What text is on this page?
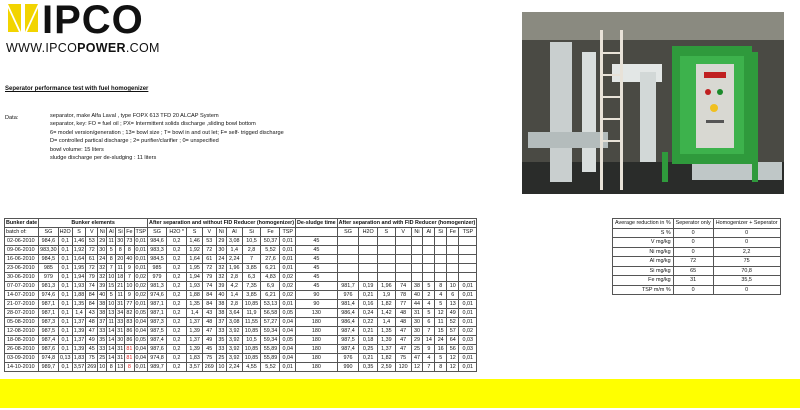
IPCO
WWW.IPCOPOWER.COM
Seperator performance test with fuel homogenizer
Data:	separator, make Alfa Laval , type FOPX 613 TFD 20 ALCAP System
separator, key: FO = fuel oil ; PX= Intermittent solids discharge ,sliding bowl bottom
6= model version/generation ; 13= bowl size ; T= bowl in and out let; F= self- trigged discharge
D= controlled partical discharge ; 2= purifier/clarifier ; 0= unspecified
bowl volume: 15 liters
sludge discharge per de-sludging : 11 liters
Bunker date	Bunker elements									After separation and without FID Reducer (homogenizer)									De-sludge time	After separation and with FID Reducer (homogenizer)								
batch of:	SG	H2O	S	V	Ni	Al	Si	Fe	TSP	SG	H2O *	S	V	Ni	Al	Si	Fe	TSP		SG	H2O	S	V	Ni	Al	Si	Fe	TSP
02-06-2010	984,6	0,1	1,46	53	29	11	30	73	0,01	984,6	0,2	1,46	53	29	3,08	10,5	50,37	0,01	45									
09-06-2010	983,30	0,1	1,92	72	30	5	8	8	0,01	983,3	0,2	1,92	72	30	1,4	2,8	5,52	0,01	45									
16-06-2010	984,5	0,1	1,64	61	24	8	20	40	0,01	984,5	0,2	1,64	61	24	2,24	7	27,6	0,01	45									
23-06-2010	985	0,1	1,95	72	32	7	11	9	0,01	985	0,2	1,95	72	32	1,96	3,85	6,21	0,01	45									
30-06-2010	979	0,1	1,94	79	32	10	18	7	0,02	979	0,2	1,94	79	32	2,8	6,3	4,83	0,02	45									
07-07-2010	981,3	0,1	1,93	74	39	15	21	10	0,02	981,3	0,2	1,93	74	39	4,2	7,35	6,9	0,02	45	981,7	0,19	1,96	74	38	5	8	10	0,01
14-07-2010	974,6	0,1	1,88	84	40	5	11	9	0,02	974,6	0,2	1,88	84	40	1,4	3,85	6,21	0,02	90	976	0,21	1,9	78	40	2	4	6	0,01
21-07-2010	987,1	0,1	1,35	84	38	10	31	77	0,01	987,1	0,2	1,35	84	38	2,8	10,85	53,13	0,01	90	981,4	0,16	1,82	77	44	4	5	13	0,01
28-07-2010	987,1	0,1	1,4	43	38	13	34	82	0,05	987,1	0,2	1,4	43	38	3,64	11,9	56,58	0,05	130	986,4	0,24	1,42	48	31	5	12	49	0,01
05-08-2010	987,3	0,1	1,37	48	37	11	33	83	0,04	987,3	0,2	1,37	48	37	3,08	11,55	57,27	0,04	180	986,4	0,22	1,4	48	30	6	11	52	0,01
12-08-2010	987,5	0,1	1,39	47	33	14	31	86	0,04	987,5	0,2	1,39	47	33	3,92	10,85	59,34	0,04	180	987,4	0,21	1,35	47	30	7	15	57	0,02
18-08-2010	987,4	0,1	1,37	49	35	14	30	86	0,05	987,4	0,2	1,37	49	35	3,92	10,5	59,34	0,05	180	987,5	0,18	1,39	47	29	14	24	64	0,03
26-08-2010	987,6	0,1	1,39	45	33	14	31	81	0,04	987,6	0,2	1,39	45	33	3,92	10,85	55,89	0,04	180	987,4	0,25	1,37	47	25	9	16	56	0,03
03-09-2010	974,8	0,13	1,83	75	25	14	31	81	0,04	974,8	0,2	1,83	75	25	3,92	10,85	55,89	0,04	180	976	0,21	1,82	75	47	4	5	12	0,01
14-10-2010	989,7	0,1	3,57	269	10	8	13	8	0,01	989,7	0,2	3,57	269	10	2,24	4,55	5,52	0,01	180	990	0,35	2,59	120	12	7	8	12	0,01
Average reduction in %	Seperator only	Homogenizer + Seperator
S %	0	0
V mg/kg	0	0
Ni mg/kg	0	2,2
Al mg/kg	72	75
Si mg/kg	65	70,8
Fe mg/kg	31	35,5
TSP m/m %	0	0
